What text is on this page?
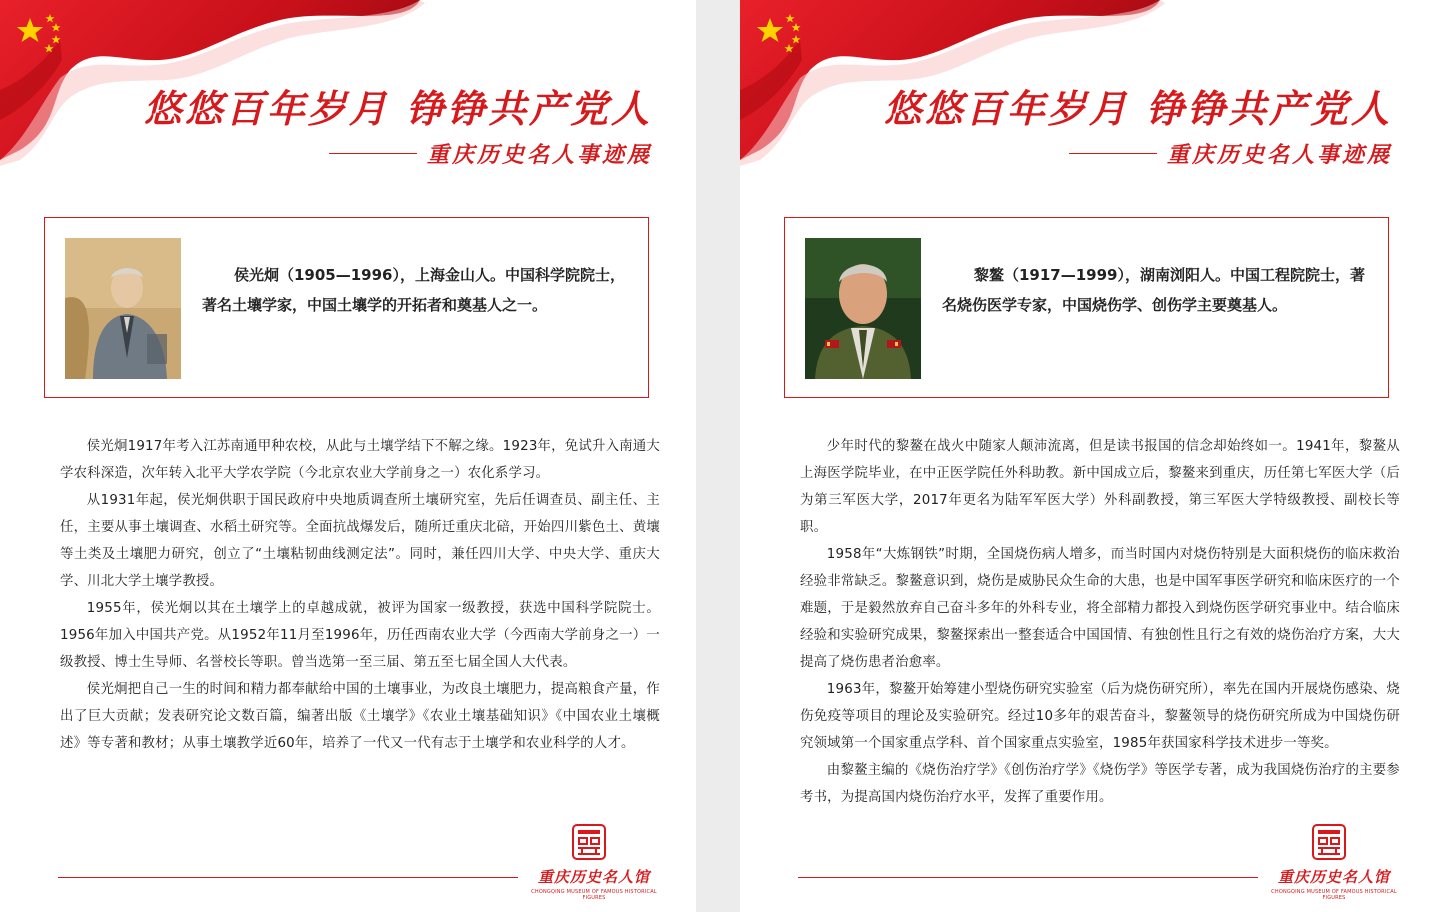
悠悠百年岁月 铮铮共产党人
重庆历史名人事迹展
侯光炯（1905—1996），上海金山人。中国科学院院士，著名土壤学家，中国土壤学的开拓者和奠基人之一。

侯光炯1917年考入江苏南通甲种农校，从此与土壤学结下不解之缘。1923年，免试升入南通大学农科深造，次年转入北平大学农学院（今北京农业大学前身之一）农化系学习。

从1931年起，侯光炯供职于国民政府中央地质调查所土壤研究室，先后任调查员、副主任、主任，主要从事土壤调查、水稻土研究等。全面抗战爆发后，随所迁重庆北碚，开始四川紫色土、黄壤等土类及土壤肥力研究，创立了“土壤粘韧曲线测定法”。同时，兼任四川大学、中央大学、重庆大学、川北大学土壤学教授。

1955年，侯光炯以其在土壤学上的卓越成就，被评为国家一级教授，获选中国科学院院士。1956年加入中国共产党。从1952年11月至1996年，历任西南农业大学（今西南大学前身之一）一级教授、博士生导师、名誉校长等职。曾当选第一至三届、第五至七届全国人大代表。

侯光炯把自己一生的时间和精力都奉献给中国的土壤事业，为改良土壤肥力，提高粮食产量，作出了巨大贡献；发表研究论文数百篇，编著出版《土壤学》《农业土壤基础知识》《中国农业土壤概述》等专著和教材；从事土壤教学近60年，培养了一代又一代有志于土壤学和农业科学的人才。

重庆历史名人馆
CHONGQING MUSEUM OF FAMOUS HISTORICAL FIGURES
悠悠百年岁月 铮铮共产党人
重庆历史名人事迹展
黎鳌（1917—1999），湖南浏阳人。中国工程院院士，著名烧伤医学专家，中国烧伤学、创伤学主要奠基人。

少年时代的黎鳌在战火中随家人颠沛流离，但是读书报国的信念却始终如一。1941年，黎鳌从上海医学院毕业，在中正医学院任外科助教。新中国成立后，黎鳌来到重庆，历任第七军医大学（后为第三军医大学，2017年更名为陆军军医大学）外科副教授，第三军医大学特级教授、副校长等职。

1958年“大炼钢铁”时期，全国烧伤病人增多，而当时国内对烧伤特别是大面积烧伤的临床救治经验非常缺乏。黎鳌意识到，烧伤是威胁民众生命的大患，也是中国军事医学研究和临床医疗的一个难题，于是毅然放弃自己奋斗多年的外科专业，将全部精力都投入到烧伤医学研究事业中。结合临床经验和实验研究成果，黎鳌探索出一整套适合中国国情、有独创性且行之有效的烧伤治疗方案，大大提高了烧伤患者治愈率。

1963年，黎鳌开始筹建小型烧伤研究实验室（后为烧伤研究所），率先在国内开展烧伤感染、烧伤免疫等项目的理论及实验研究。经过10多年的艰苦奋斗，黎鳌领导的烧伤研究所成为中国烧伤研究领域第一个国家重点学科、首个国家重点实验室，1985年获国家科学技术进步一等奖。

由黎鳌主编的《烧伤治疗学》《创伤治疗学》《烧伤学》等医学专著，成为我国烧伤治疗的主要参考书，为提高国内烧伤治疗水平，发挥了重要作用。

重庆历史名人馆
CHONGQING MUSEUM OF FAMOUS HISTORICAL FIGURES
